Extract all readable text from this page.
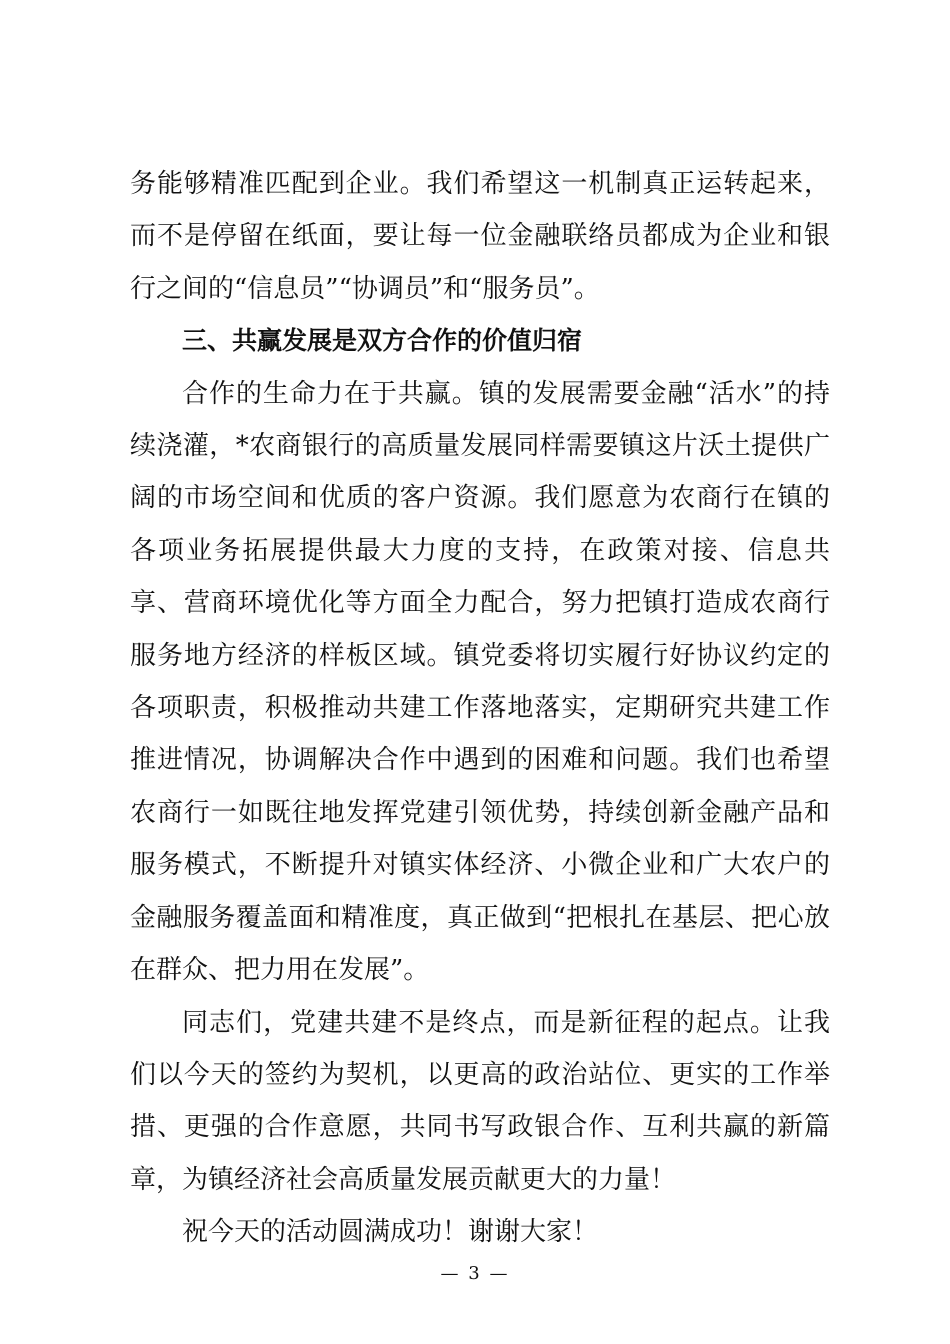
务能够精准匹配到企业。我们希望这一机制真正运转起来，而不是停留在纸面，要让每一位金融联络员都成为企业和银行之间的“信息员”“协调员”和“服务员”。

三、共赢发展是双方合作的价值归宿

合作的生命力在于共赢。镇的发展需要金融“活水”的持续浇灌，*农商银行的高质量发展同样需要镇这片沃土提供广阔的市场空间和优质的客户资源。我们愿意为农商行在镇的各项业务拓展提供最大力度的支持，在政策对接、信息共享、营商环境优化等方面全力配合，努力把镇打造成农商行服务地方经济的样板区域。镇党委将切实履行好协议约定的各项职责，积极推动共建工作落地落实，定期研究共建工作推进情况，协调解决合作中遇到的困难和问题。我们也希望农商行一如既往地发挥党建引领优势，持续创新金融产品和服务模式，不断提升对镇实体经济、小微企业和广大农户的金融服务覆盖面和精准度，真正做到“把根扎在基层、把心放在群众、把力用在发展”。

同志们，党建共建不是终点，而是新征程的起点。让我们以今天的签约为契机，以更高的政治站位、更实的工作举措、更强的合作意愿，共同书写政银合作、互利共赢的新篇章，为镇经济社会高质量发展贡献更大的力量！

祝今天的活动圆满成功！谢谢大家！

— 3 —
